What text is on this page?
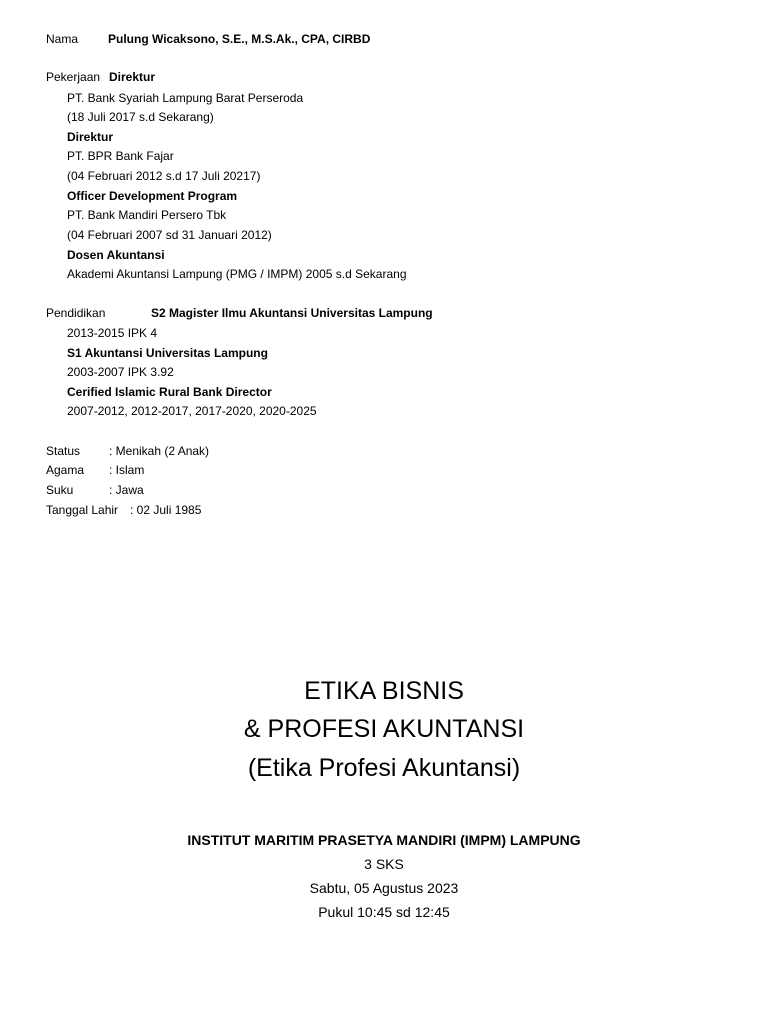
Nama Pulung Wicaksono, S.E., M.S.Ak., CPA, CIRBD
Pekerjaan Direktur
PT. Bank Syariah Lampung Barat Perseroda
(18 Juli 2017 s.d Sekarang)
Direktur
PT. BPR Bank Fajar
(04 Februari 2012 s.d 17 Juli 20217)
Officer Development Program
PT. Bank Mandiri Persero Tbk
(04 Februari 2007 sd 31 Januari 2012)
Dosen Akuntansi
Akademi Akuntansi Lampung (PMG / IMPM) 2005 s.d Sekarang
Pendidikan	S2 Magister Ilmu Akuntansi Universitas Lampung
2013-2015 IPK 4
S1 Akuntansi Universitas Lampung
2003-2007 IPK 3.92
Cerified Islamic Rural Bank Director
2007-2012, 2012-2017, 2017-2020, 2020-2025
Status : Menikah (2 Anak)
Agama : Islam
Suku	: Jawa
Tanggal Lahir : 02 Juli 1985
ETIKA BISNIS
& PROFESI AKUNTANSI
(Etika Profesi Akuntansi)
INSTITUT MARITIM PRASETYA MANDIRI (IMPM) LAMPUNG
3 SKS
Sabtu, 05 Agustus 2023
Pukul 10:45 sd 12:45
